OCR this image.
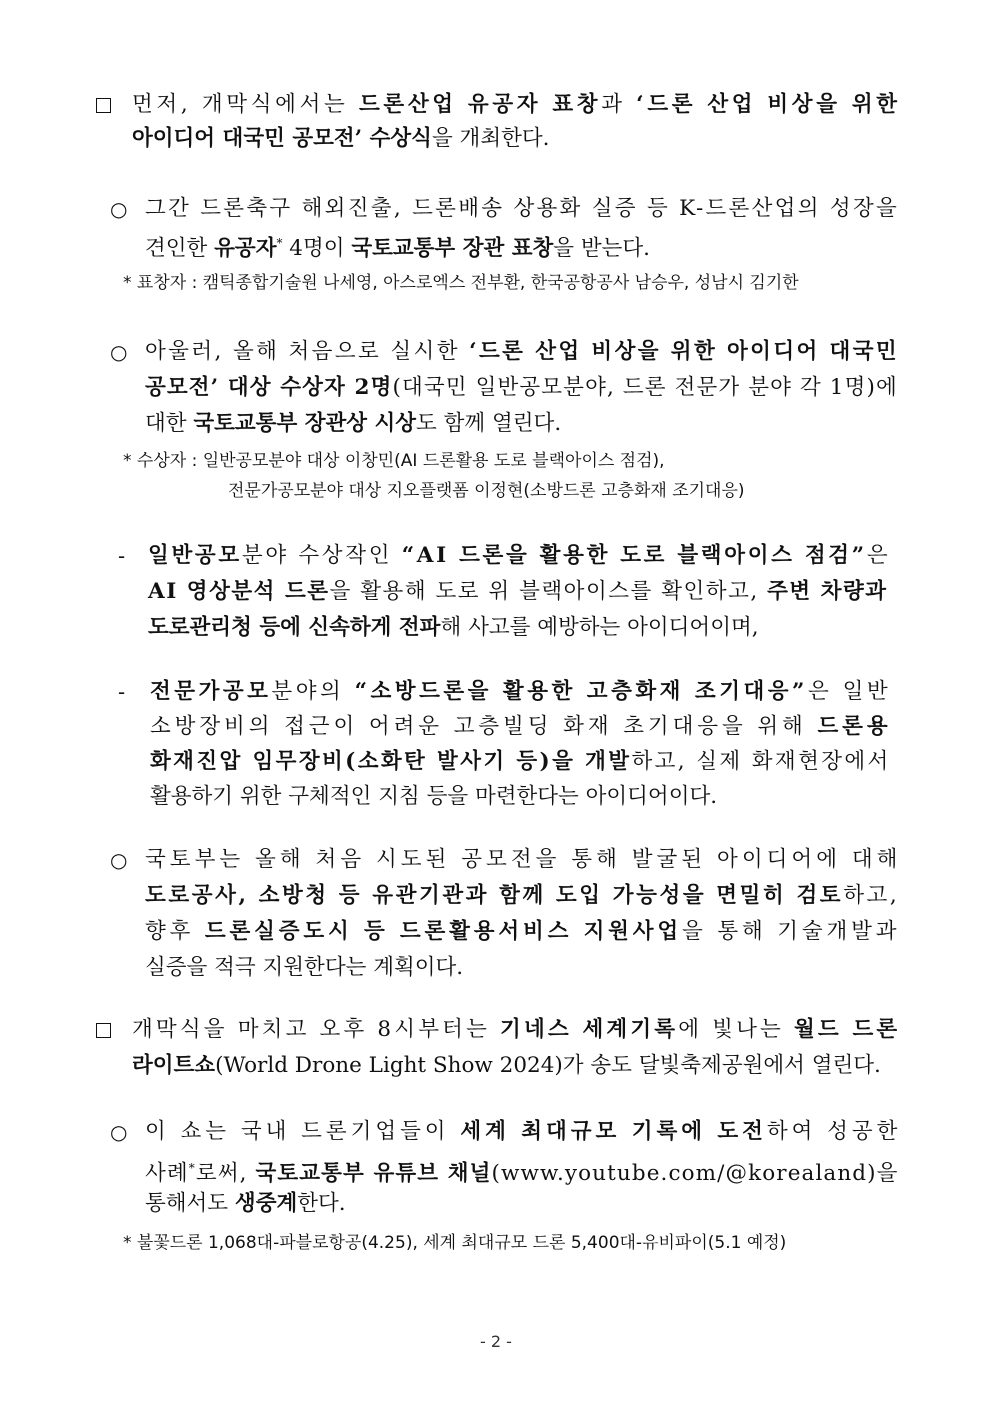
○
○
-
-
○
○
- 2 -
먼저, 개막식에서는 드론산업 유공자 표창과 ‘드론 산업 비상을 위한
아이디어 대국민 공모전’ 수상식을 개최한다.
그간 드론축구 해외진출, 드론배송 상용화 실증 등 K-드론산업의 성장을
견인한 유공자* 4명이 국토교통부 장관 표창을 받는다.
* 표창자 : 캠틱종합기술원 나세영, 아스로엑스 전부환, 한국공항공사 남승우, 성남시 김기한
아울러, 올해 처음으로 실시한 ‘드론 산업 비상을 위한 아이디어 대국민
공모전’ 대상 수상자 2명(대국민 일반공모분야, 드론 전문가 분야 각 1명)에
대한 국토교통부 장관상 시상도 함께 열린다.
* 수상자 : 일반공모분야 대상 이창민(AI 드론활용 도로 블랙아이스 점검),
전문가공모분야 대상 지오플랫폼 이정현(소방드론 고층화재 조기대응)
일반공모분야 수상작인 “AI 드론을 활용한 도로 블랙아이스 점검”은
AI 영상분석 드론을 활용해 도로 위 블랙아이스를 확인하고, 주변 차량과
도로관리청 등에 신속하게 전파해 사고를 예방하는 아이디어이며,
전문가공모분야의 “소방드론을 활용한 고층화재 조기대응”은 일반
소방장비의 접근이 어려운 고층빌딩 화재 초기대응을 위해 드론용
화재진압 임무장비(소화탄 발사기 등)을 개발하고, 실제 화재현장에서
활용하기 위한 구체적인 지침 등을 마련한다는 아이디어이다.
국토부는 올해 처음 시도된 공모전을 통해 발굴된 아이디어에 대해
도로공사, 소방청 등 유관기관과 함께 도입 가능성을 면밀히 검토하고,
향후 드론실증도시 등 드론활용서비스 지원사업을 통해 기술개발과
실증을 적극 지원한다는 계획이다.
개막식을 마치고 오후 8시부터는 기네스 세계기록에 빛나는 월드 드론
라이트쇼(World Drone Light Show 2024)가 송도 달빛축제공원에서 열린다.
이 쇼는 국내 드론기업들이 세계 최대규모 기록에 도전하여 성공한
사례*로써, 국토교통부 유튜브 채널(www.youtube.com/@korealand)을
통해서도 생중계한다.
* 불꽃드론 1,068대-파블로항공(4.25), 세계 최대규모 드론 5,400대-유비파이(5.1 예정)
